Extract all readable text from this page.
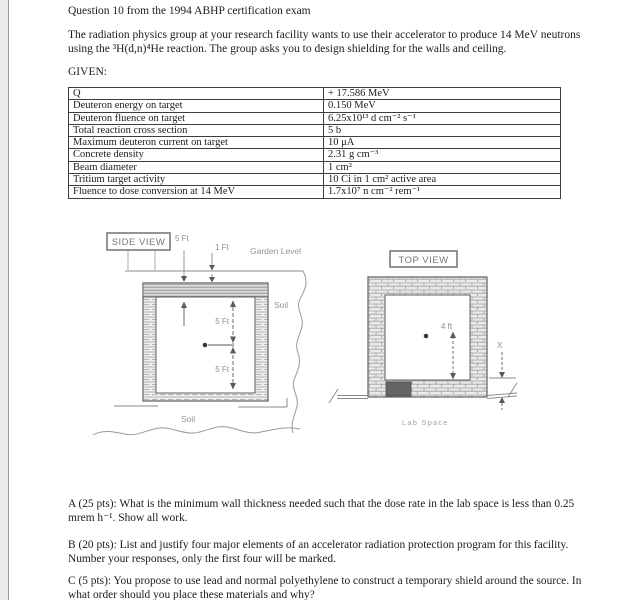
Question 10 from the 1994 ABHP certification exam
The radiation physics group at your research facility wants to use their accelerator to produce 14 MeV neutrons
using the ³H(d,n)⁴He reaction. The group asks you to design shielding for the walls and ceiling.
GIVEN:
Q	+ 17.586 MeV
Deuteron energy on target	0.150 MeV
Deuteron fluence on target	6.25x10¹³ d cm⁻² s⁻¹
Total reaction cross section	5 b
Maximum deuteron current on target	10 μA
Concrete density	2.31 g cm⁻³
Beam diameter	1 cm²
Tritium target activity	10 Ci in 1 cm² active area
Fluence to dose conversion at 14 MeV	1.7x10⁷ n cm⁻² rem⁻¹
SIDE VIEW 5 Ft
1 Ft Garden Level
5 Ft
5 Ft
Soil
Soil
TOP VIEW
4 ft
X
Lab Space
A (25 pts): What is the minimum wall thickness needed such that the dose rate in the lab space is less than 0.25
mrem h⁻¹. Show all work.
B (20 pts): List and justify four major elements of an accelerator radiation protection program for this facility.
Number your responses, only the first four will be marked.
C (5 pts): You propose to use lead and normal polyethylene to construct a temporary shield around the source. In
what order should you place these materials and why?
